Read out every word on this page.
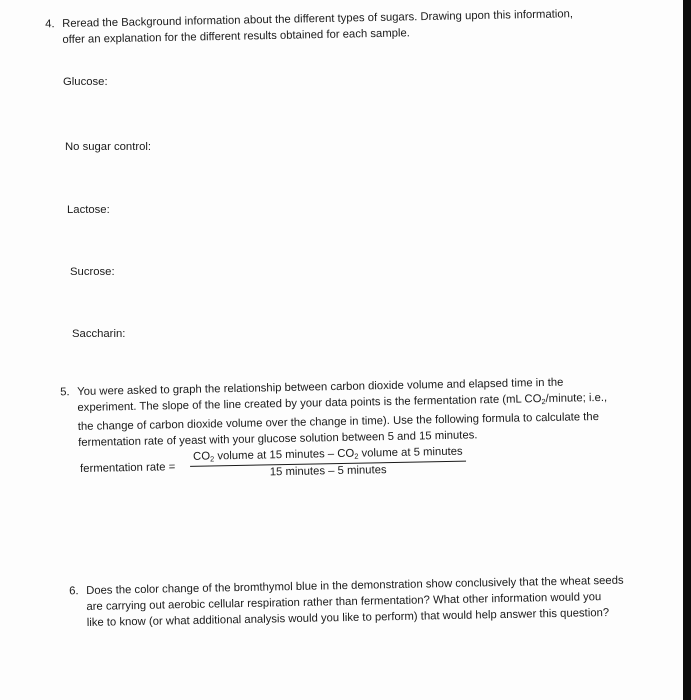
4. Reread the Background information about the different types of sugars. Drawing upon this information,
offer an explanation for the different results obtained for each sample.
Glucose:
No sugar control:
Lactose:
Sucrose:
Saccharin:
5. You were asked to graph the relationship between carbon dioxide volume and elapsed time in the
experiment. The slope of the line created by your data points is the fermentation rate (mL $CO_2$/minute; i.e.,
the change of carbon dioxide volume over the change in time). Use the following formula to calculate the
fermentation rate of yeast with your glucose solution between 5 and 15 minutes.
fermentation rate =
$CO_2$ volume at 15 minutes – $CO_2$ volume at 5 minutes
15 minutes – 5 minutes
6. Does the color change of the bromthymol blue in the demonstration show conclusively that the wheat seeds
are carrying out aerobic cellular respiration rather than fermentation? What other information would you
like to know (or what additional analysis would you like to perform) that would help answer this question?
